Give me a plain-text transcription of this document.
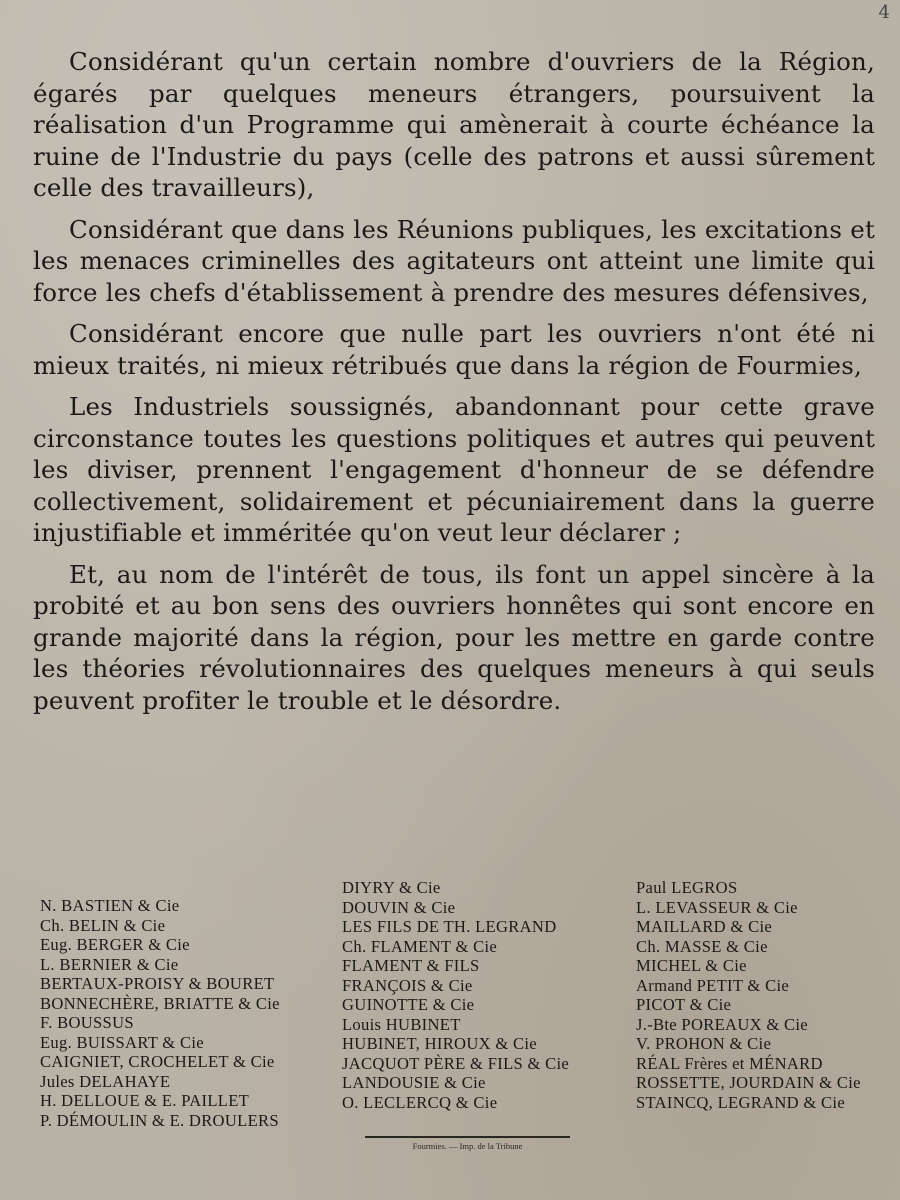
4

Considérant qu'un certain nombre d'ouvriers de la Région, égarés par quelques meneurs étrangers, poursuivent la réalisation d'un Programme qui amènerait à courte échéance la ruine de l'Industrie du pays (celle des patrons et aussi sûrement celle des travailleurs),

Considérant que dans les Réunions publiques, les excitations et les menaces criminelles des agitateurs ont atteint une limite qui force les chefs d'établissement à prendre des mesures défensives,

Considérant encore que nulle part les ouvriers n'ont été ni mieux traités, ni mieux rétribués que dans la région de Fourmies,

Les Industriels soussignés, abandonnant pour cette grave circonstance toutes les questions politiques et autres qui peuvent les diviser, prennent l'engagement d'honneur de se défendre collectivement, solidairement et pécuniairement dans la guerre injustifiable et imméritée qu'on veut leur déclarer ;

Et, au nom de l'intérêt de tous, ils font un appel sincère à la probité et au bon sens des ouvriers honnêtes qui sont encore en grande majorité dans la région, pour les mettre en garde contre les théories révolutionnaires des quelques meneurs à qui seuls peuvent profiter le trouble et le désordre.

N. BASTIEN & Cie
Ch. BELIN & Cie
Eug. BERGER & Cie
L. BERNIER & Cie
BERTAUX-PROISY & BOURET
BONNECHÈRE, BRIATTE & Cie
F. BOUSSUS
Eug. BUISSART & Cie
CAIGNIET, CROCHELET & Cie
Jules DELAHAYE
H. DELLOUE & E. PAILLET
P. DÉMOULIN & E. DROULERS
DIYRY & Cie
DOUVIN & Cie
LES FILS DE TH. LEGRAND
Ch. FLAMENT & Cie
FLAMENT & FILS
FRANÇOIS & Cie
GUINOTTE & Cie
Louis HUBINET
HUBINET, HIROUX & Cie
JACQUOT PÈRE & FILS & Cie
LANDOUSIE & Cie
O. LECLERCQ & Cie
Paul LEGROS
L. LEVASSEUR & Cie
MAILLARD & Cie
Ch. MASSE & Cie
MICHEL & Cie
Armand PETIT & Cie
PICOT & Cie
J.-Bte POREAUX & Cie
V. PROHON & Cie
RÉAL Frères et MÉNARD
ROSSETTE, JOURDAIN & Cie
STAINCQ, LEGRAND & Cie
Fourmies. — Imp. de la Tribune
